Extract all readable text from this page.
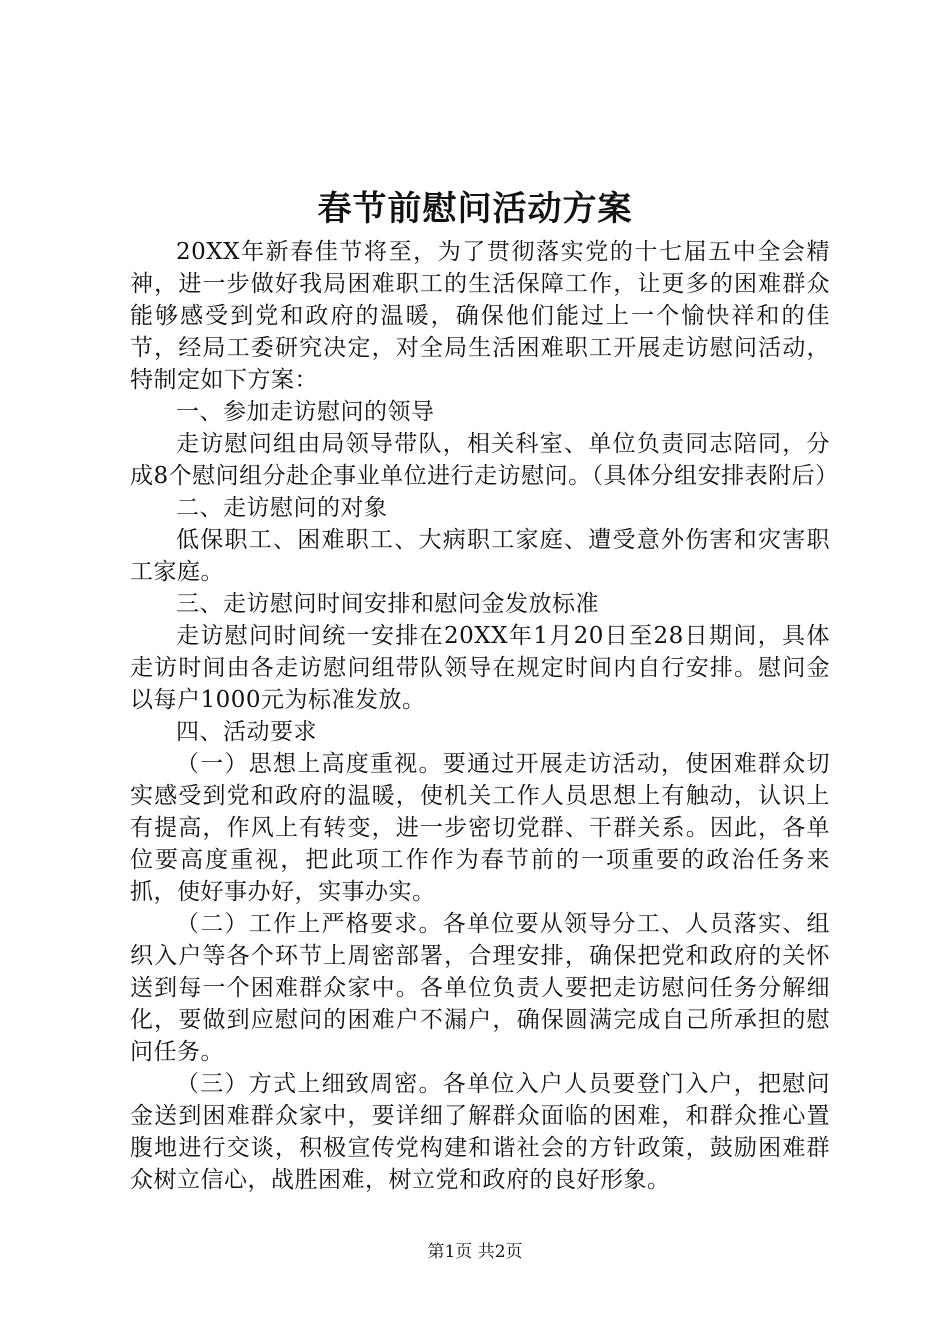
春节前慰问活动方案

20XX年新春佳节将至，为了贯彻落实党的十七届五中全会精神，进一步做好我局困难职工的生活保障工作，让更多的困难群众能够感受到党和政府的温暖，确保他们能过上一个愉快祥和的佳节，经局工委研究决定，对全局生活困难职工开展走访慰问活动，特制定如下方案：

一、参加走访慰问的领导

走访慰问组由局领导带队，相关科室、单位负责同志陪同，分成8个慰问组分赴企事业单位进行走访慰问。（具体分组安排表附后）

二、走访慰问的对象

低保职工、困难职工、大病职工家庭、遭受意外伤害和灾害职工家庭。

三、走访慰问时间安排和慰问金发放标准

走访慰问时间统一安排在20XX年1月20日至28日期间，具体走访时间由各走访慰问组带队领导在规定时间内自行安排。慰问金以每户1000元为标准发放。

四、活动要求

（一）思想上高度重视。要通过开展走访活动，使困难群众切实感受到党和政府的温暖，使机关工作人员思想上有触动，认识上有提高，作风上有转变，进一步密切党群、干群关系。因此，各单位要高度重视，把此项工作作为春节前的一项重要的政治任务来抓，使好事办好，实事办实。

（二）工作上严格要求。各单位要从领导分工、人员落实、组织入户等各个环节上周密部署，合理安排，确保把党和政府的关怀送到每一个困难群众家中。各单位负责人要把走访慰问任务分解细化，要做到应慰问的困难户不漏户，确保圆满完成自己所承担的慰问任务。

（三）方式上细致周密。各单位入户人员要登门入户，把慰问金送到困难群众家中，要详细了解群众面临的困难，和群众推心置腹地进行交谈，积极宣传党构建和谐社会的方针政策，鼓励困难群众树立信心，战胜困难，树立党和政府的良好形象。

第1页 共2页
